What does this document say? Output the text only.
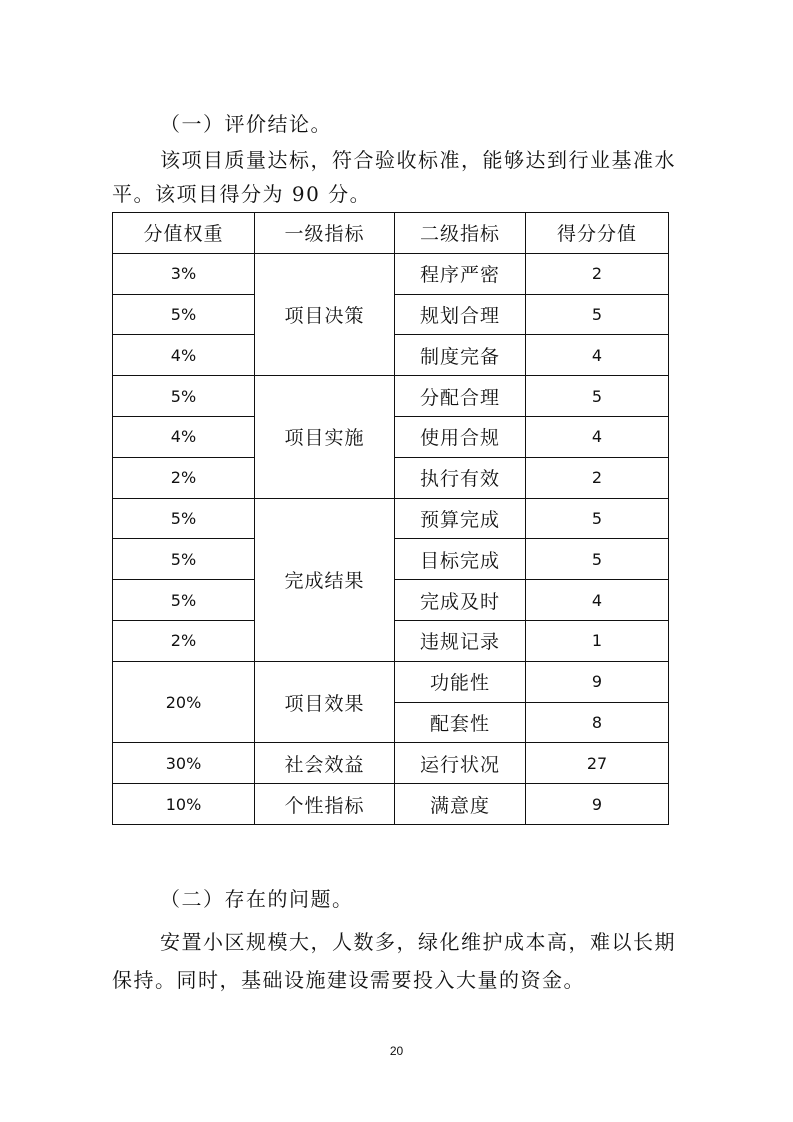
（一）评价结论。
该项目质量达标，符合验收标准，能够达到行业基准水
平。该项目得分为 90 分。
分值权重	一级指标	二级指标	得分分值
3%	项目决策	程序严密	2
5%		规划合理	5
4%		制度完备	4
5%	项目实施	分配合理	5
4%		使用合规	4
2%		执行有效	2
5%	完成结果	预算完成	5
5%		目标完成	5
5%		完成及时	4
2%		违规记录	1
20%	项目效果	功能性	9
		配套性	8
30%	社会效益	运行状况	27
10%	个性指标	满意度	9
（二）存在的问题。
安置小区规模大，人数多，绿化维护成本高，难以长期
保持。同时，基础设施建设需要投入大量的资金。
20
